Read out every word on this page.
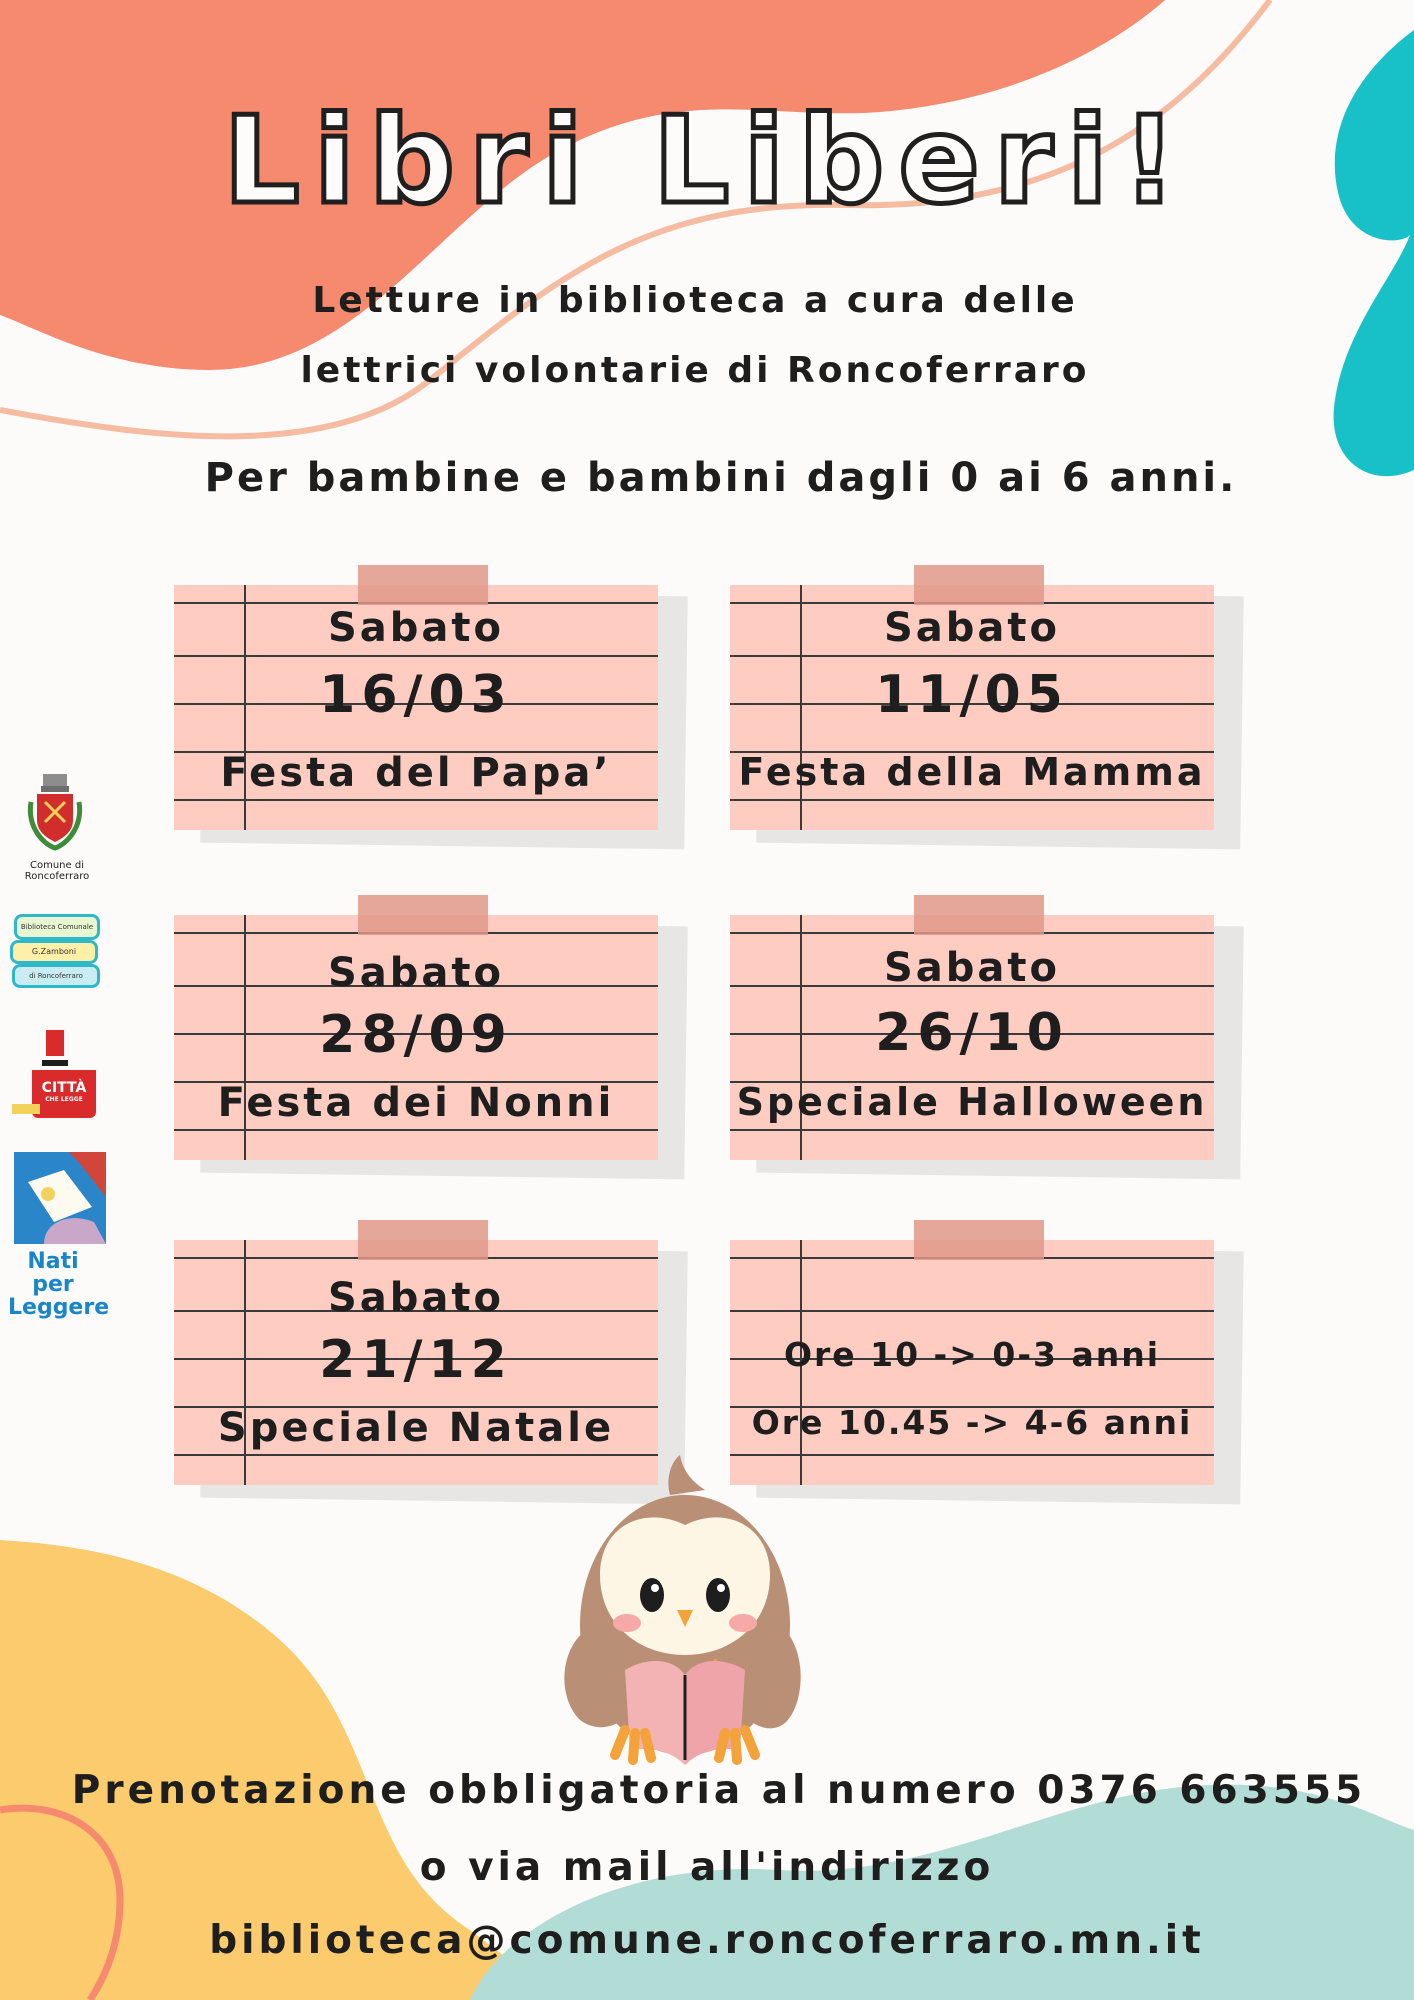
Libri Liberi!
Letture in biblioteca a cura delle
lettrici volontarie di Roncoferraro
Per bambine e bambini dagli 0 ai 6 anni.
Sabato
16/03
Festa del Papa’
Sabato
11/05
Festa della Mamma
Sabato
28/09
Festa dei Nonni
Sabato
26/10
Speciale Halloween
Sabato
21/12
Speciale Natale
Ore 10 -> 0-3 anni
Ore 10.45 -> 4-6 anni
Comune di
Roncoferraro
Biblioteca Comunale
G.Zamboni
di Roncoferraro
CITTÀ
CHE LEGGE
Nati per
Leggere
Prenotazione obbligatoria al numero 0376 663555
o via mail all'indirizzo
biblioteca@comune.roncoferraro.mn.it
